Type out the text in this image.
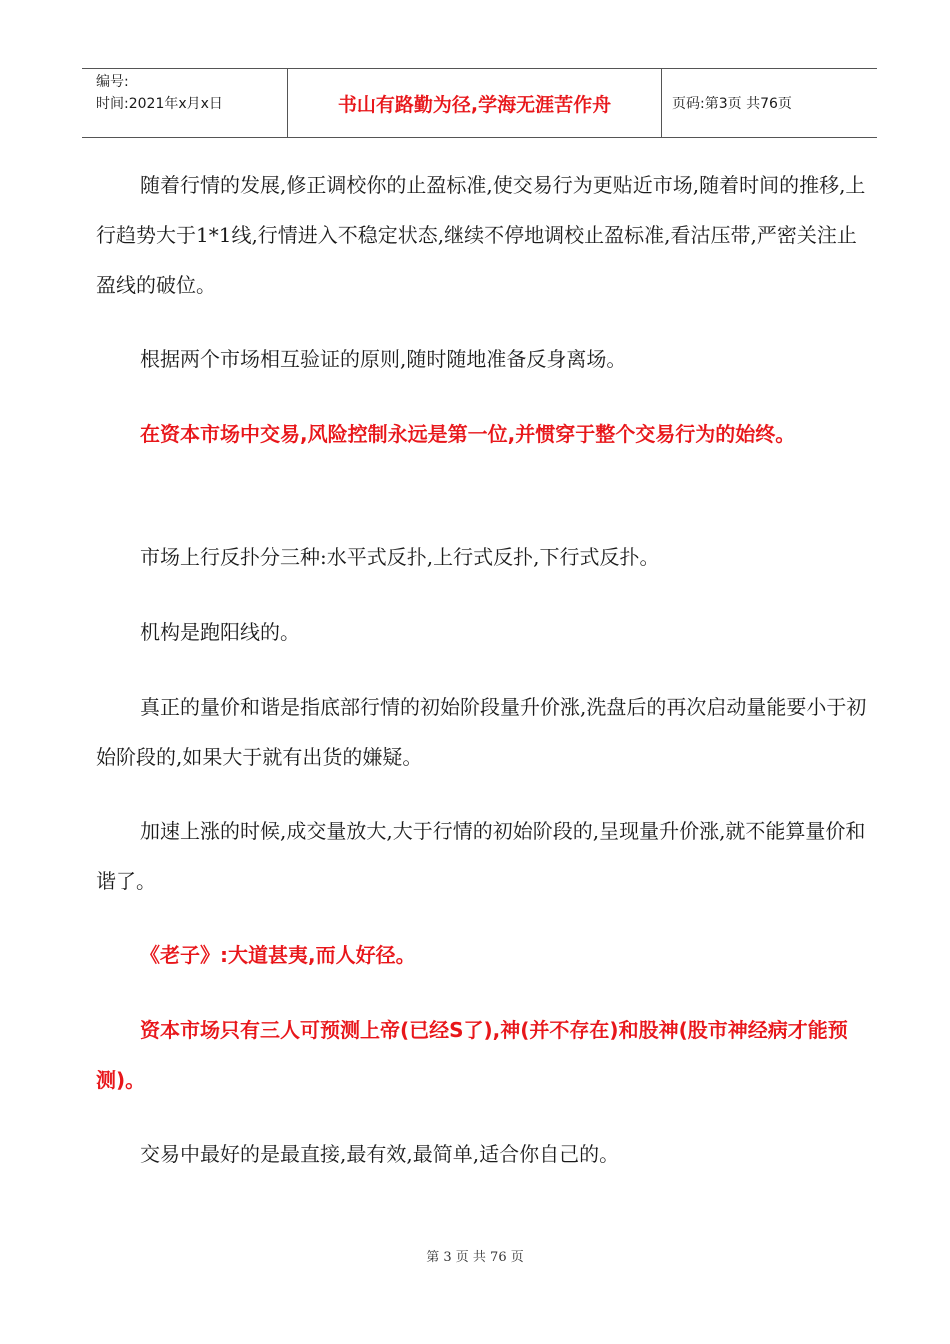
编号:
时间:2021年x月x日	书山有路勤为径,学海无涯苦作舟	页码:第3页 共76页

随着行情的发展,修正调校你的止盈标准,使交易行为更贴近市场,随着时间的推移,上行趋势大于1*1线,行情进入不稳定状态,继续不停地调校止盈标准,看沽压带,严密关注止盈线的破位。

根据两个市场相互验证的原则,随时随地准备反身离场。

在资本市场中交易,风险控制永远是第一位,并惯穿于整个交易行为的始终。

市场上行反扑分三种:水平式反扑,上行式反扑,下行式反扑。

机构是跑阳线的。

真正的量价和谐是指底部行情的初始阶段量升价涨,洗盘后的再次启动量能要小于初始阶段的,如果大于就有出货的嫌疑。

加速上涨的时候,成交量放大,大于行情的初始阶段的,呈现量升价涨,就不能算量价和谐了。

《老子》:大道甚夷,而人好径。

资本市场只有三人可预测上帝(已经S了),神(并不存在)和股神(股市神经病才能预测)。

交易中最好的是最直接,最有效,最简单,适合你自己的。

第 3 页 共 76 页
